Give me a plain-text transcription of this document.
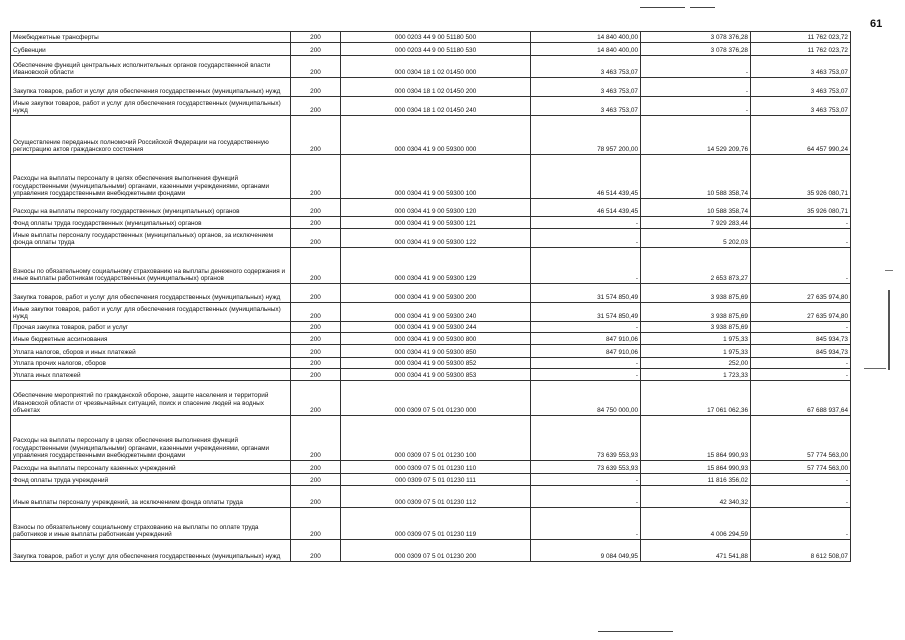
61
Межбюджетные трансферты	200	000 0203 44 9 00 51180 500	14 840 400,00	3 078 376,28	11 762 023,72
Субвенции	200	000 0203 44 9 00 51180 530	14 840 400,00	3 078 376,28	11 762 023,72
Обеспечение функций центральных исполнительных органов государственной власти Ивановской области	200	000 0304 18 1 02 01450 000	3 463 753,07	-	3 463 753,07
Закупка товаров, работ и услуг для обеспечения государственных (муниципальных) нужд	200	000 0304 18 1 02 01450 200	3 463 753,07	-	3 463 753,07
Иные закупки товаров, работ и услуг для обеспечения государственных (муниципальных) нужд	200	000 0304 18 1 02 01450 240	3 463 753,07	-	3 463 753,07
Осуществление переданных полномочий Российской Федерации на государственную регистрацию актов гражданского состояния	200	000 0304 41 9 00 59300 000	78 957 200,00	14 529 209,76	64 457 990,24
Расходы на выплаты персоналу в целях обеспечения выполнения функций государственными (муниципальными) органами, казенными учреждениями, органами управления государственными внебюджетными фондами	200	000 0304 41 9 00 59300 100	46 514 439,45	10 588 358,74	35 926 080,71
Расходы на выплаты персоналу государственных (муниципальных) органов	200	000 0304 41 9 00 59300 120	46 514 439,45	10 588 358,74	35 926 080,71
Фонд оплаты труда государственных (муниципальных) органов	200	000 0304 41 9 00 59300 121	-	7 929 283,44	-
Иные выплаты персоналу государственных (муниципальных) органов, за исключением фонда оплаты труда	200	000 0304 41 9 00 59300 122	-	5 202,03	-
Взносы по обязательному социальному страхованию на выплаты денежного содержания и иные выплаты работникам государственных (муниципальных) органов	200	000 0304 41 9 00 59300 129	-	2 653 873,27	-
Закупка товаров, работ и услуг для обеспечения государственных (муниципальных) нужд	200	000 0304 41 9 00 59300 200	31 574 850,49	3 938 875,69	27 635 974,80
Иные закупки товаров, работ и услуг для обеспечения государственных (муниципальных) нужд	200	000 0304 41 9 00 59300 240	31 574 850,49	3 938 875,69	27 635 974,80
Прочая закупка товаров, работ и услуг	200	000 0304 41 9 00 59300 244	-	3 938 875,69	-
Иные бюджетные ассигнования	200	000 0304 41 9 00 59300 800	847 910,06	1 975,33	845 934,73
Уплата налогов, сборов и иных платежей	200	000 0304 41 9 00 59300 850	847 910,06	1 975,33	845 934,73
Уплата прочих налогов, сборов	200	000 0304 41 9 00 59300 852	-	252,00	-
Уплата иных платежей	200	000 0304 41 9 00 59300 853	-	1 723,33	-
Обеспечение мероприятий по гражданской обороне, защите населения и территорий Ивановской области от чрезвычайных ситуаций, поиск и спасение людей на водных объектах	200	000 0309 07 5 01 01230 000	84 750 000,00	17 061 062,36	67 688 937,64
Расходы на выплаты персоналу в целях обеспечения выполнения функций государственными (муниципальными) органами, казенными учреждениями, органами управления государственными внебюджетными фондами	200	000 0309 07 5 01 01230 100	73 639 553,93	15 864 990,93	57 774 563,00
Расходы на выплаты персоналу казенных учреждений	200	000 0309 07 5 01 01230 110	73 639 553,93	15 864 990,93	57 774 563,00
Фонд оплаты труда учреждений	200	000 0309 07 5 01 01230 111	-	11 816 356,02	-
Иные выплаты персоналу учреждений, за исключением фонда оплаты труда	200	000 0309 07 5 01 01230 112	-	42 340,32	-
Взносы по обязательному социальному страхованию на выплаты по оплате труда работников и иные выплаты работникам учреждений	200	000 0309 07 5 01 01230 119	-	4 006 294,59	-
Закупка товаров, работ и услуг для обеспечения государственных (муниципальных) нужд	200	000 0309 07 5 01 01230 200	9 084 049,95	471 541,88	8 612 508,07
